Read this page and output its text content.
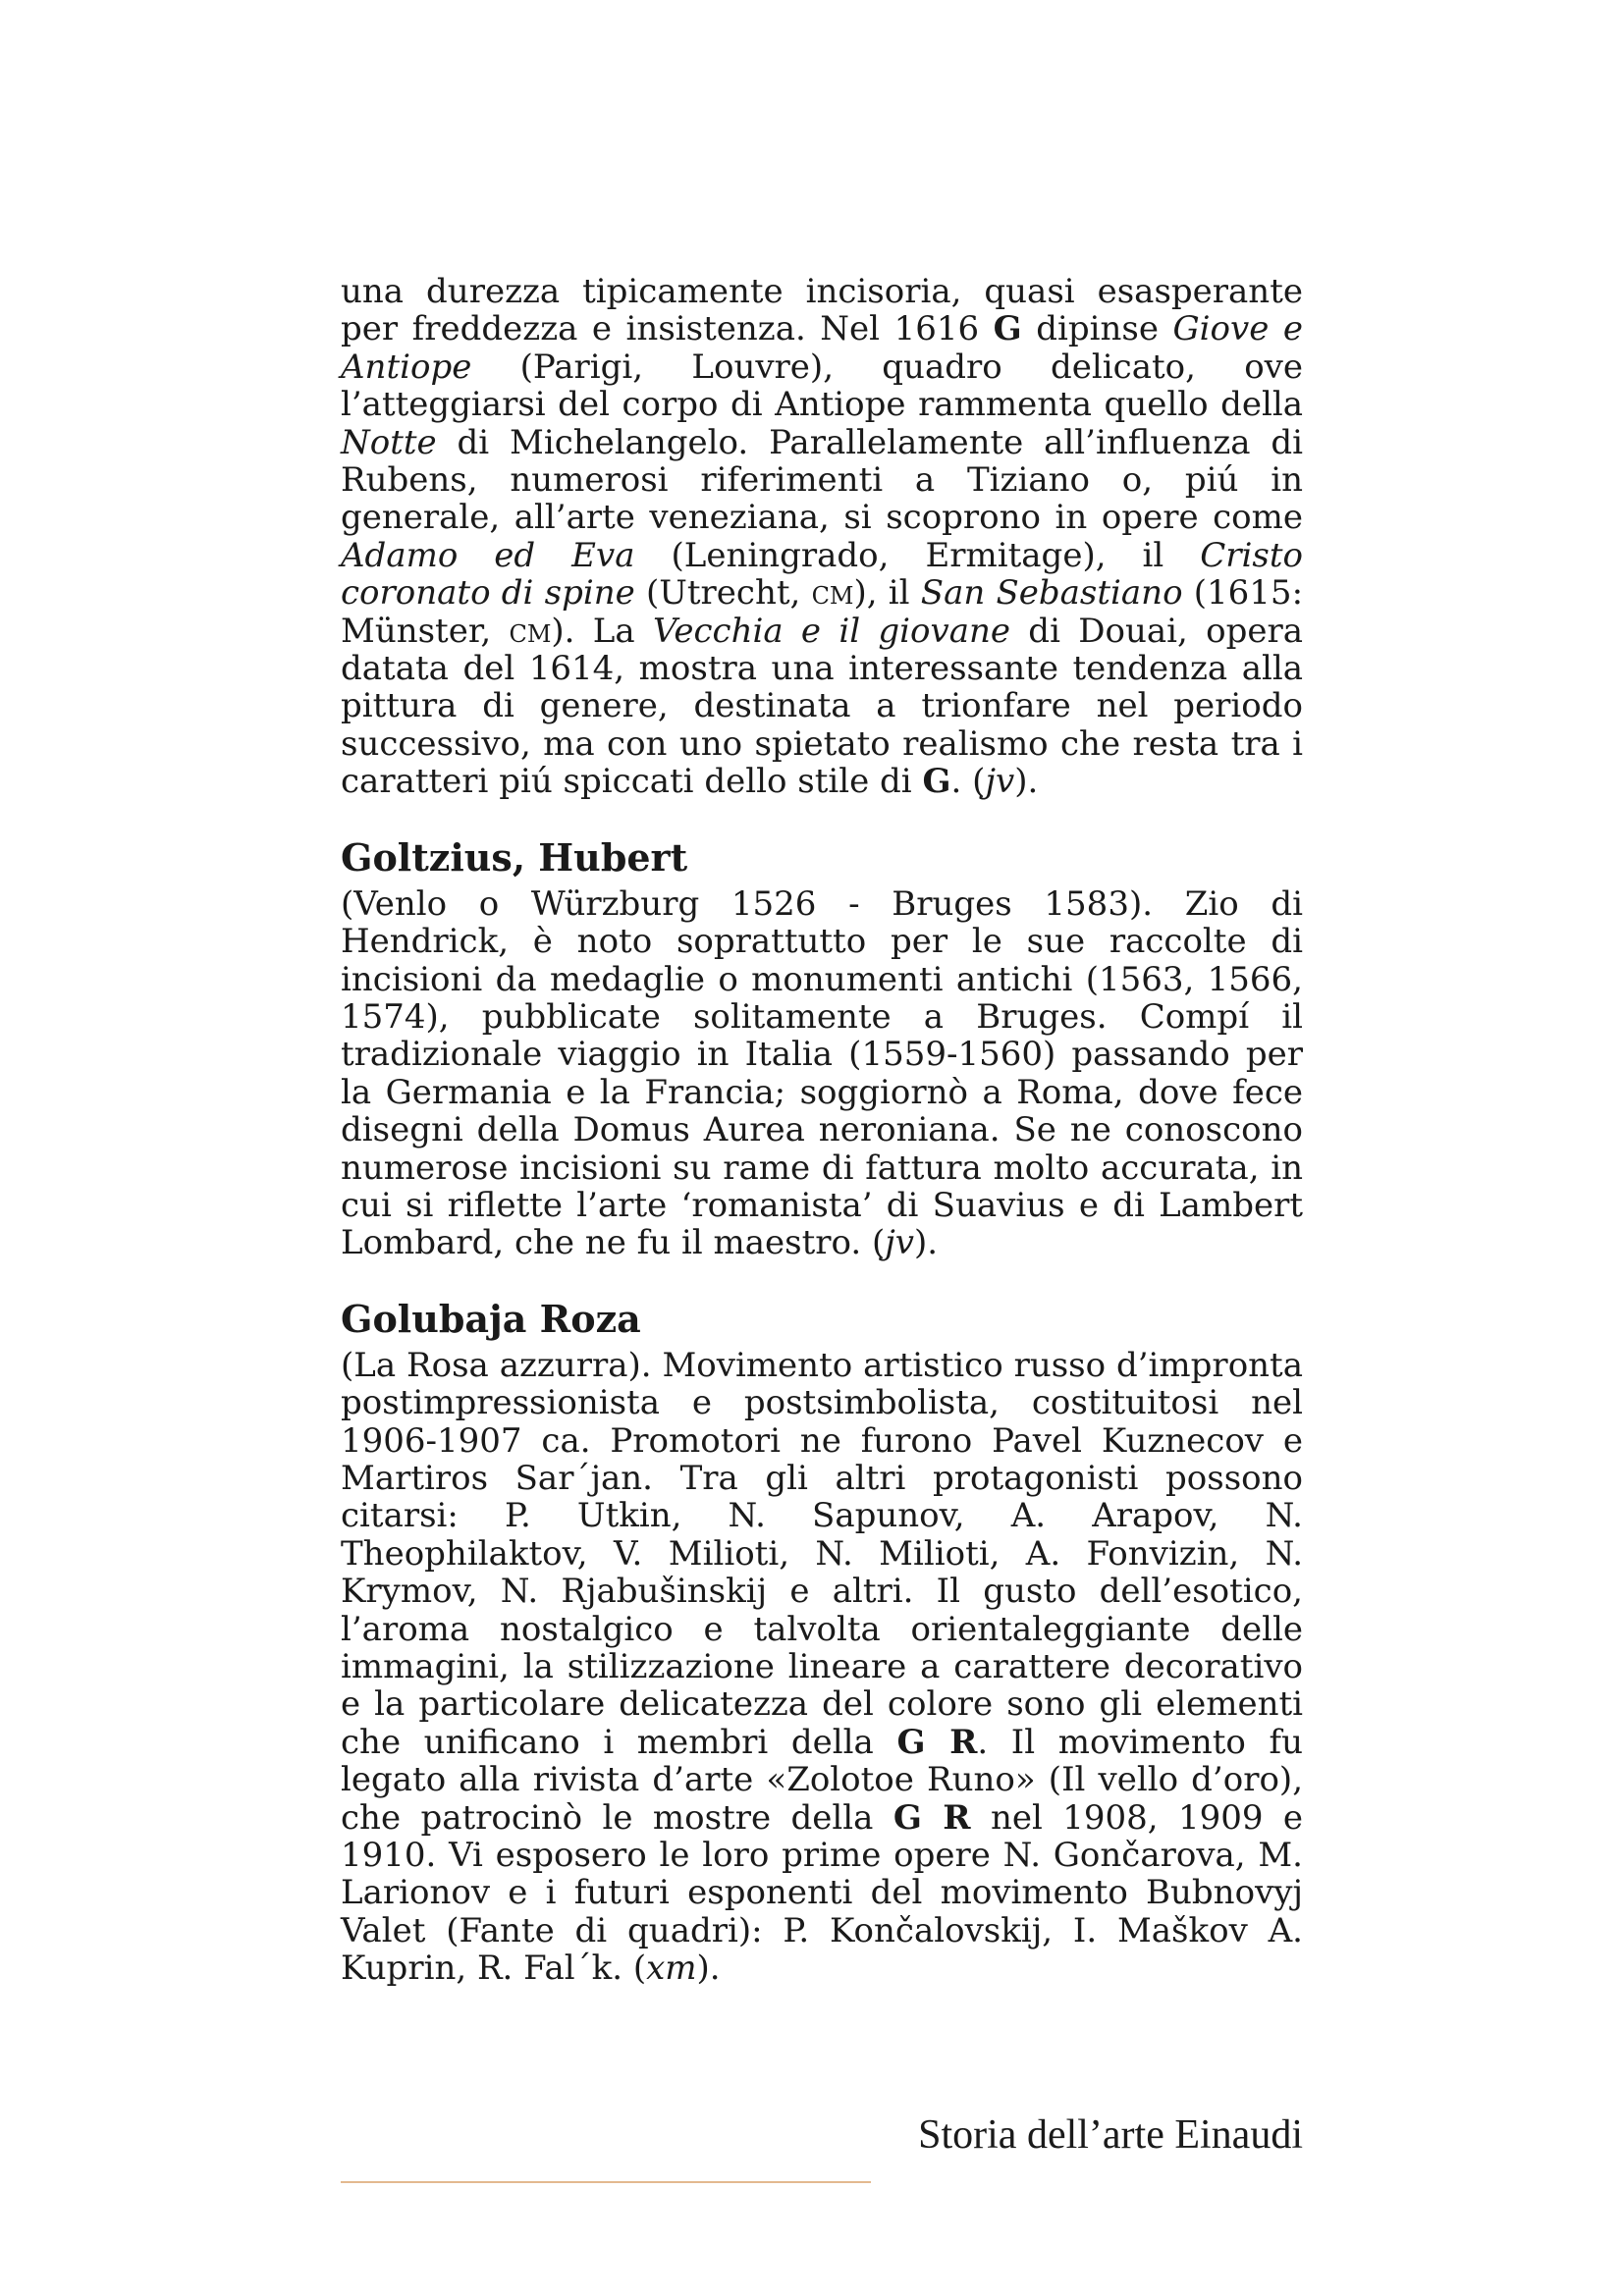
una durezza tipicamente incisoria, quasi esasperante per freddezza e insistenza. Nel 1616 G dipinse Giove e Antiope (Parigi, Louvre), quadro delicato, ove l’atteggiarsi del corpo di Antiope rammenta quello della Notte di Michelangelo. Parallelamente all’influenza di Rubens, numerosi riferimenti a Tiziano o, piú in generale, all’arte veneziana, si scoprono in opere come Adamo ed Eva (Leningrado, Ermitage), il Cristo coronato di spine (Utrecht, cm), il San Sebastiano (1615: Münster, cm). La Vecchia e il giovane di Douai, opera datata del 1614, mostra una interessante tendenza alla pittura di genere, destinata a trionfare nel periodo successivo, ma con uno spietato realismo che resta tra i caratteri piú spiccati dello stile di G. (jv).

Goltzius, Hubert

(Venlo o Würzburg 1526 - Bruges 1583). Zio di Hendrick, è noto soprattutto per le sue raccolte di incisioni da medaglie o monumenti antichi (1563, 1566, 1574), pubblicate solitamente a Bruges. Compí il tradizionale viaggio in Italia (1559-1560) passando per la Germania e la Francia; soggiornò a Roma, dove fece disegni della Domus Aurea neroniana. Se ne conoscono numerose incisioni su rame di fattura molto accurata, in cui si riflette l’arte ‘romanista’ di Suavius e di Lambert Lombard, che ne fu il maestro. (jv).

Golubaja Roza

(La Rosa azzurra). Movimento artistico russo d’impronta postimpressionista e postsimbolista, costituitosi nel 1906-1907 ca. Promotori ne furono Pavel Kuznecov e Martiros Sar´jan. Tra gli altri protagonisti possono citarsi: P. Utkin, N. Sapunov, A. Arapov, N. Theophilaktov, V. Milioti, N. Milioti, A. Fonvizin, N. Krymov, N. Rjabušinskij e altri. Il gusto dell’esotico, l’aroma nostalgico e talvolta orientaleggiante delle immagini, la stilizzazione lineare a carattere decorativo e la particolare delicatezza del colore sono gli elementi che unificano i membri della G R. Il movimento fu legato alla rivista d’arte «Zolotoe Runo» (Il vello d’oro), che patrocinò le mostre della G R nel 1908, 1909 e 1910. Vi esposero le loro prime opere N. Gončarova, M. Larionov e i futuri esponenti del movimento Bubnovyj Valet (Fante di quadri): P. Končalovskij, I. Maškov A. Kuprin, R. Fal´k. (xm).

Storia dell’arte Einaudi
